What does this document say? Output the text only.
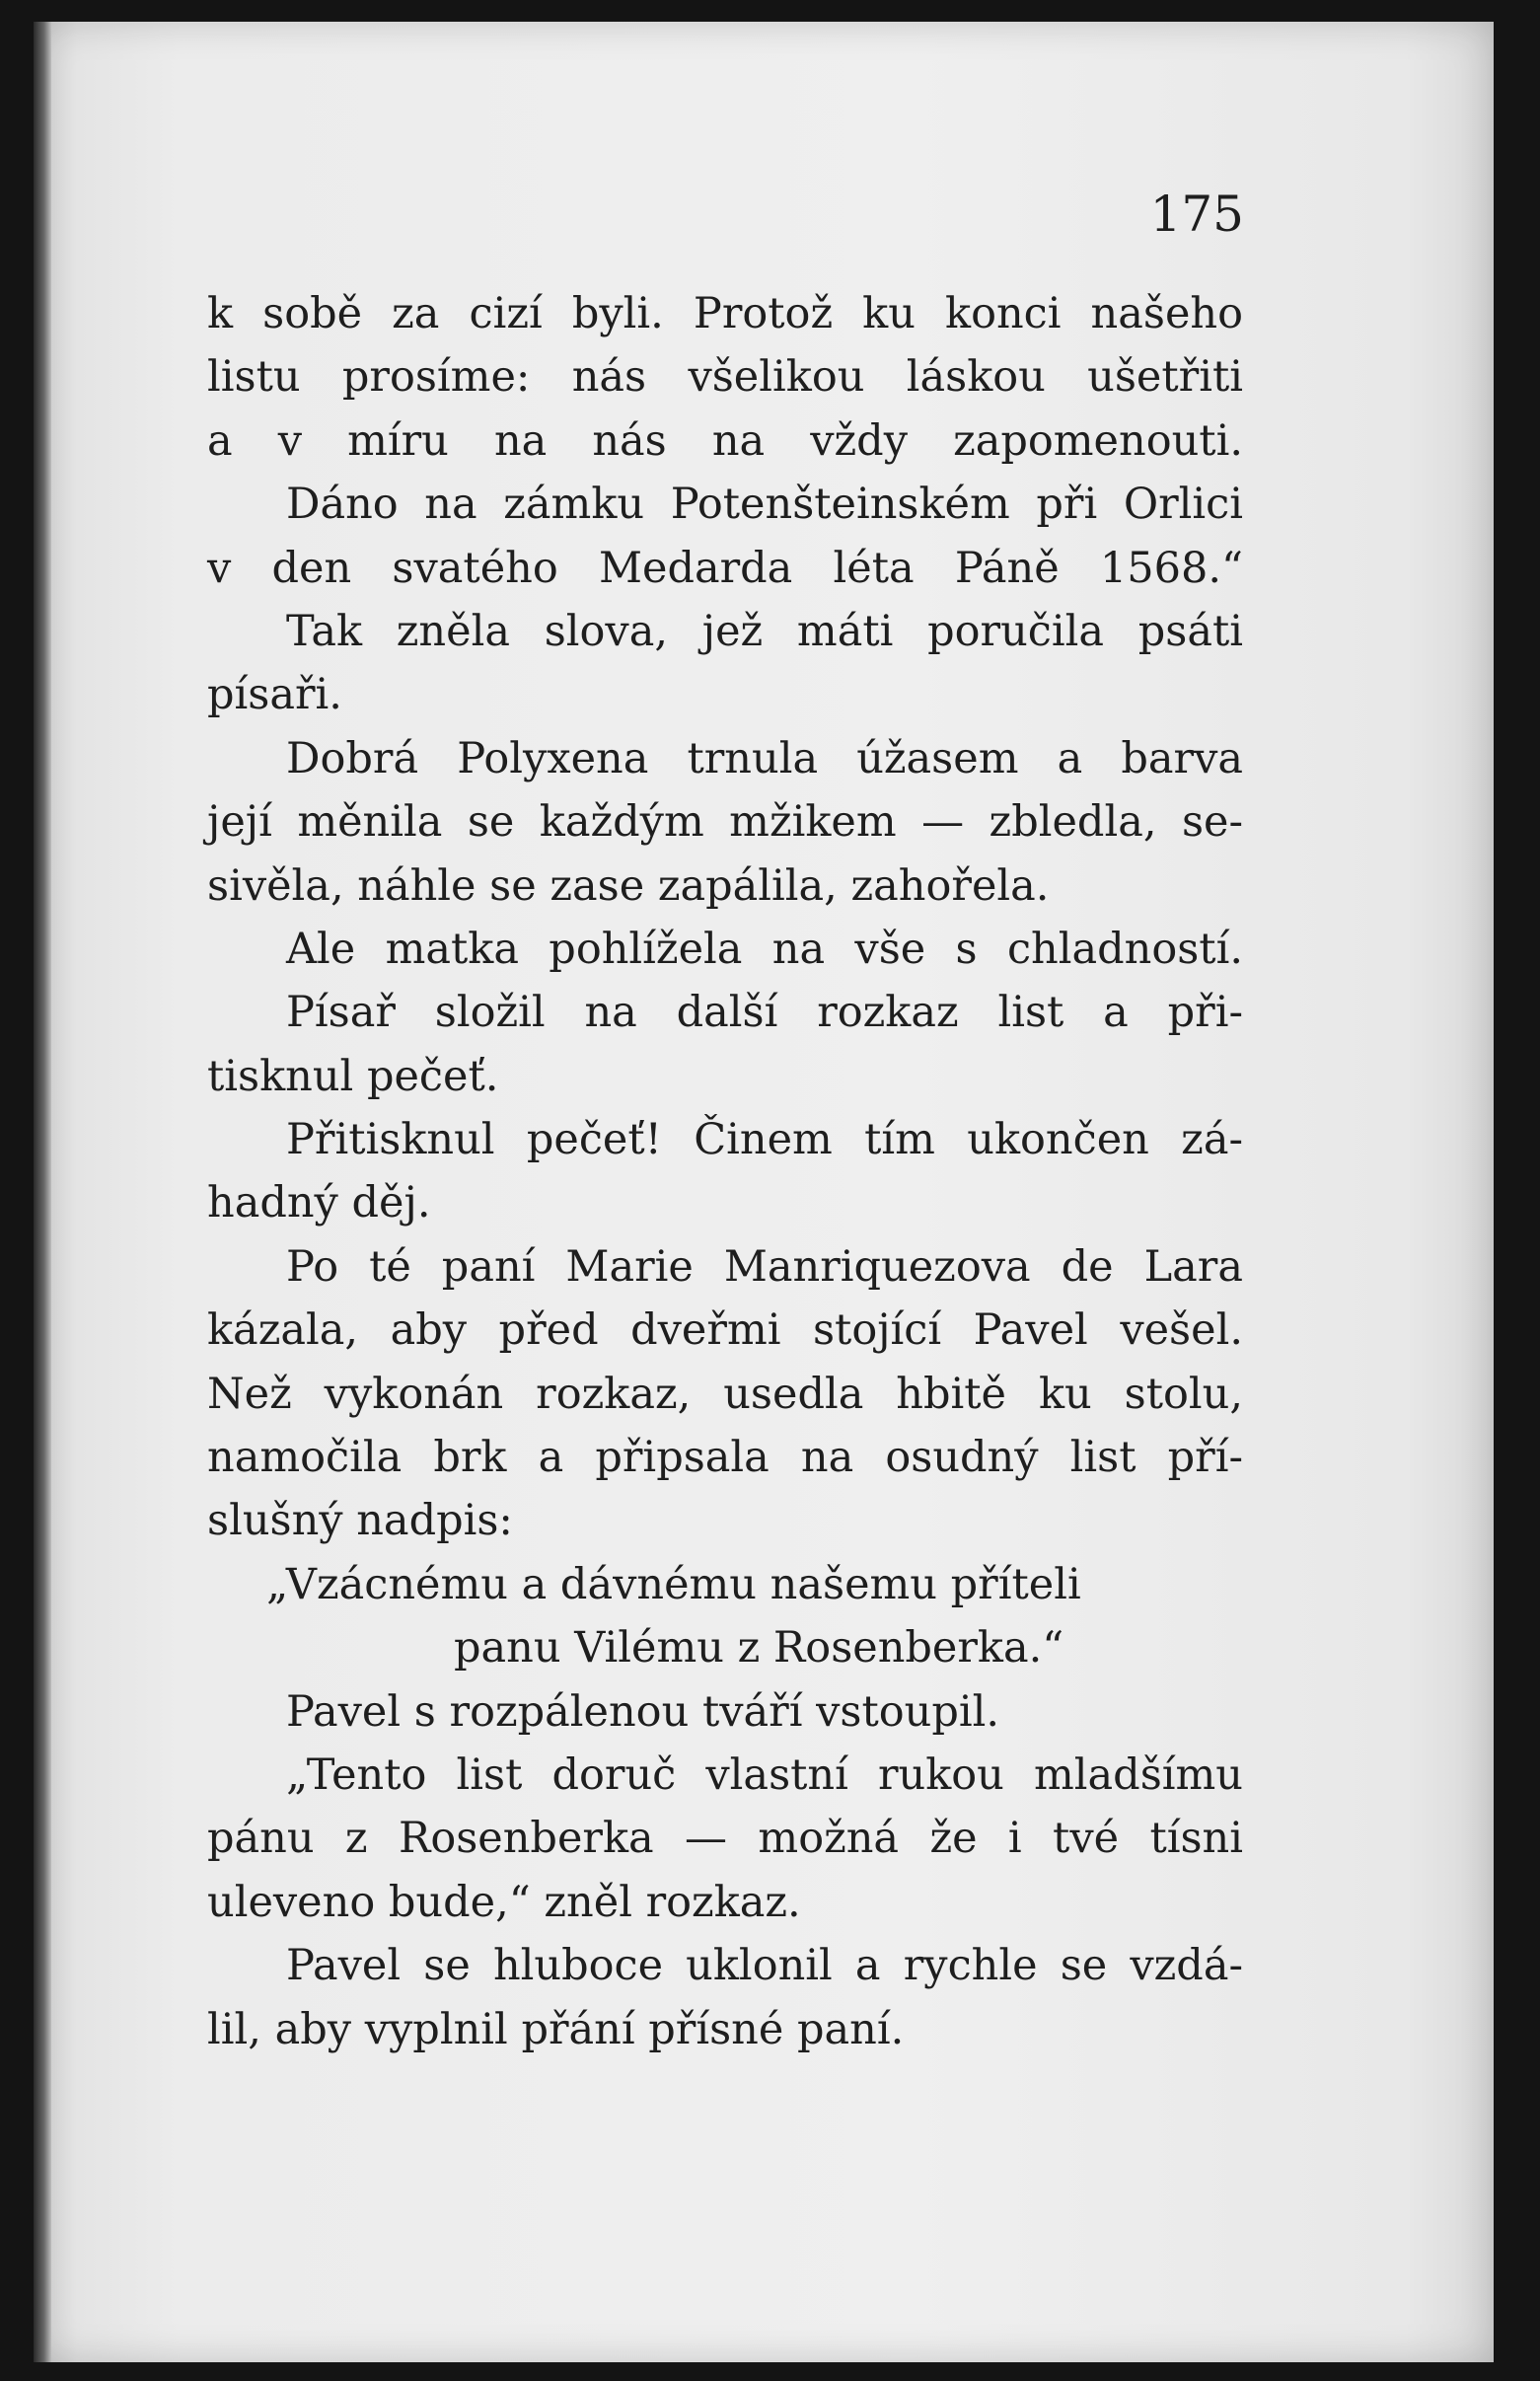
175
k sobě za cizí byli. Protož ku konci našeho
listu prosíme: nás všelikou láskou ušetřiti
a v míru na nás na vždy zapomenouti.
Dáno na zámku Potenšteinském při Orlici
v den svatého Medarda léta Páně 1568.“
Tak zněla slova, jež máti poručila psáti
písaři.
Dobrá Polyxena trnula úžasem a barva
její měnila se každým mžikem — zbledla, se-
sivěla, náhle se zase zapálila, zahořela.
Ale matka pohlížela na vše s chladností.
Písař složil na další rozkaz list a při-
tisknul pečeť.
Přitisknul pečeť! Činem tím ukončen zá-
hadný děj.
Po té paní Marie Manriquezova de Lara
kázala, aby před dveřmi stojící Pavel vešel.
Než vykonán rozkaz, usedla hbitě ku stolu,
namočila brk a připsala na osudný list pří-
slušný nadpis:
„Vzácnému a dávnému našemu příteli
panu Vilému z Rosenberka.“
Pavel s rozpálenou tváří vstoupil.
„Tento list doruč vlastní rukou mladšímu
pánu z Rosenberka — možná že i tvé tísni
uleveno bude,“ zněl rozkaz.
Pavel se hluboce uklonil a rychle se vzdá-
lil, aby vyplnil přání přísné paní.
